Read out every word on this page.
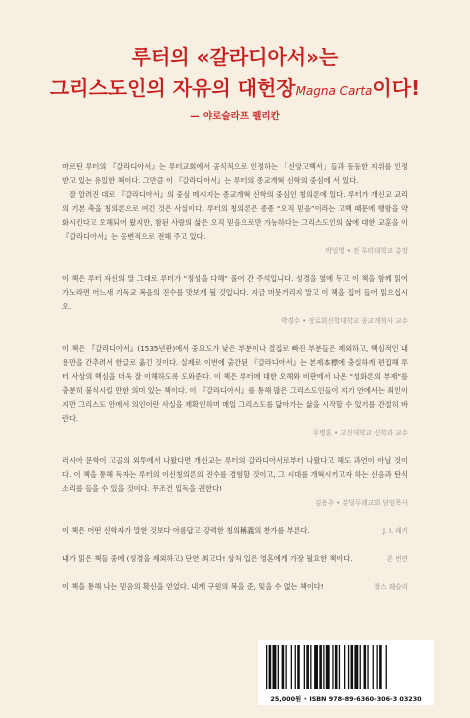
루터의 «갈라디아서»는
그리스도인의 자유의 대헌장Magna Carta이다!
— 야로슬라프 펠리칸

마르틴 루터의 『갈라디아서』는 루터교회에서 공식적으로 인정하는 「신앙고백서」들과 동등한 지위를 인정받고 있는 유일한 책이다. 그만큼 이 『갈라디아서』는 루터의 종교개혁 신학의 중심에 서 있다.

잘 알려진 대로 『갈라디아서』의 중심 메시지는 종교개혁 신학의 중심인 칭의론에 있다. 루터가 개신교 교리의 기본 축을 칭의론으로 여긴 것은 사실이다. 루터의 칭의론은 종종 “오직 믿음”이라는 고백 때문에 행함을 약화시킨다고 오해되어 왔지만, 참된 사랑의 삶은 오직 믿음으로만 가능하다는 그리스도인의 삶에 대한 교훈을 이 『갈라디아서』는 옹변적으로 전해 주고 있다.

박일영 • 전 루터대학교 총장

이 책은 루터 자신의 말 그대로 루터가 “정성을 다해” 풀어 간 주석입니다. 성경을 옆에 두고 이 책을 함께 읽어 가노라면 어느새 기독교 복음의 진수를 맛보게 될 것입니다. 지금 머뭇거리지 말고 이 책을 집어 들어 읽으십시오.

박경수 • 장로회신학대학교 종교개혁사 교수

이 책은 『갈라디아서』(1535년판)에서 중요도가 낮은 부분이나 결집로 빠진 부분들은 제외하고, 핵심적인 내용만을 간추려서 한글로 옮긴 것이다. 실제로 이번에 출간된 『갈라디아서』는 본제本標에 충실하게 편집해 루터 사상의 핵심을 더욱 잘 이해하도록 도와준다. 이 책은 루터에 대한 오해와 비판에서 나온 “성화론의 부재”를 충분히 불식시킬 만한 의미 있는 책이다. 이 『갈라디아서』를 통해 많은 그리스도인들이 지기 안에서는 죄인이지만 그리스도 안에서 의인이란 사실을 재확인하며 매일 그리스도를 닮아가는 삶을 시작할 수 있기를 간절히 바란다.

우병훈 • 고신대학교 신학과 교수

러시아 문학이 고골의 외투에서 나왔다면 개신교는 루터의 갈라디아서로부터 나왔다고 해도 과언이 아닐 것이다. 이 책을 통해 독자는 루터의 이신칭의론의 진수를 경험할 것이고, 그 시대를 개혁시키고자 하는 신음과 탄식 소리를 들을 수 있을 것이다. 무조건 일독을 권한다!

김용주 • 분당두레교회 담임목사
이 책은 어떤 신학자가 말한 것보다 아름답고 강력한 칭의稱義의 찬가를 부른다.	J. I. 패커
내가 읽은 책들 중에 (성경을 제외하고) 단연 최고다! 상처 입은 영혼에게 가장 필요한 책이다.	존 번연
이 책을 통해 나는 믿음의 확신을 얻었다. 내게 구원의 복을 준, 잊을 수 없는 책이다!	찰스 웨슬리
25,000원 • ISBN 978-89-6360-306-3 03230
